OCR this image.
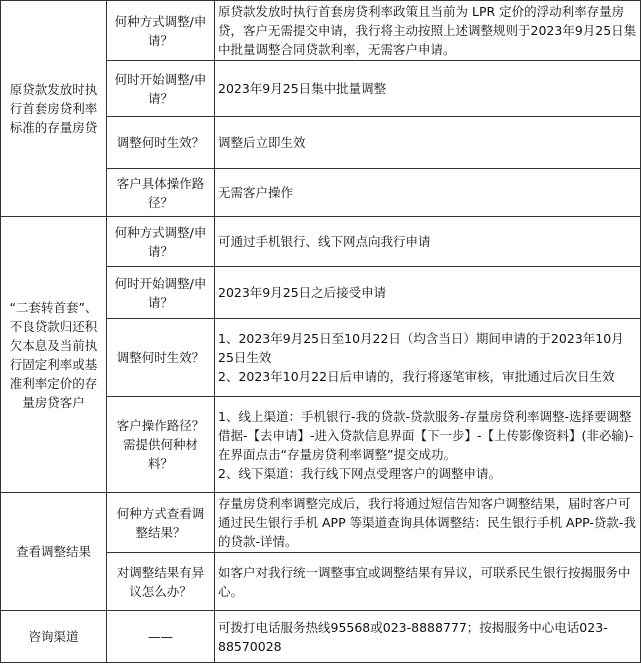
原贷款发放时执行首套房贷利率标准的存量房贷	何种方式调整/申请？	原贷款发放时执行首套房贷利率政策且当前为 LPR 定价的浮动利率存量房贷，客户无需提交申请，我行将主动按照上述调整规则于2023年9月25日集中批量调整合同贷款利率，无需客户申请。

	何时开始调整/申请？	2023年9月25日集中批量调整

	调整何时生效？	调整后立即生效

	客户具体操作路径？	无需客户操作

“二套转首套”、不良贷款归还积欠本息及当前执行固定利率或基准利率定价的存量房贷客户	何种方式调整/申请？	可通过手机银行、线下网点向我行申请

	何时开始调整/申请？	2023年9月25日之后接受申请

	调整何时生效？	1、2023年9月25日至10月22日（均含当日）期间申请的于2023年10月25日生效
2、2023年10月22日后申请的，我行将逐笔审核，审批通过后次日生效

	客户操作路径？需提供何种材料？	1、线上渠道：手机银行-我的贷款-贷款服务-存量房贷利率调整-选择要调整借据-【去申请】-进入贷款信息界面【下一步】-【上传影像资料】(非必输)-在界面点击“存量房贷利率调整”提交成功。
2、线下渠道：我行线下网点受理客户的调整申请。

查看调整结果	何种方式查看调整结果？	存量房贷利率调整完成后，我行将通过短信告知客户调整结果，届时客户可通过民生银行手机 APP 等渠道查询具体调整结：民生银行手机 APP-贷款-我的贷款-详情。

	对调整结果有异议怎么办？	如客户对我行统一调整事宜或调整结果有异议，可联系民生银行按揭服务中心。

咨询渠道	——	可拨打电话服务热线95568或023-8888777；按揭服务中心电话023-88570028
